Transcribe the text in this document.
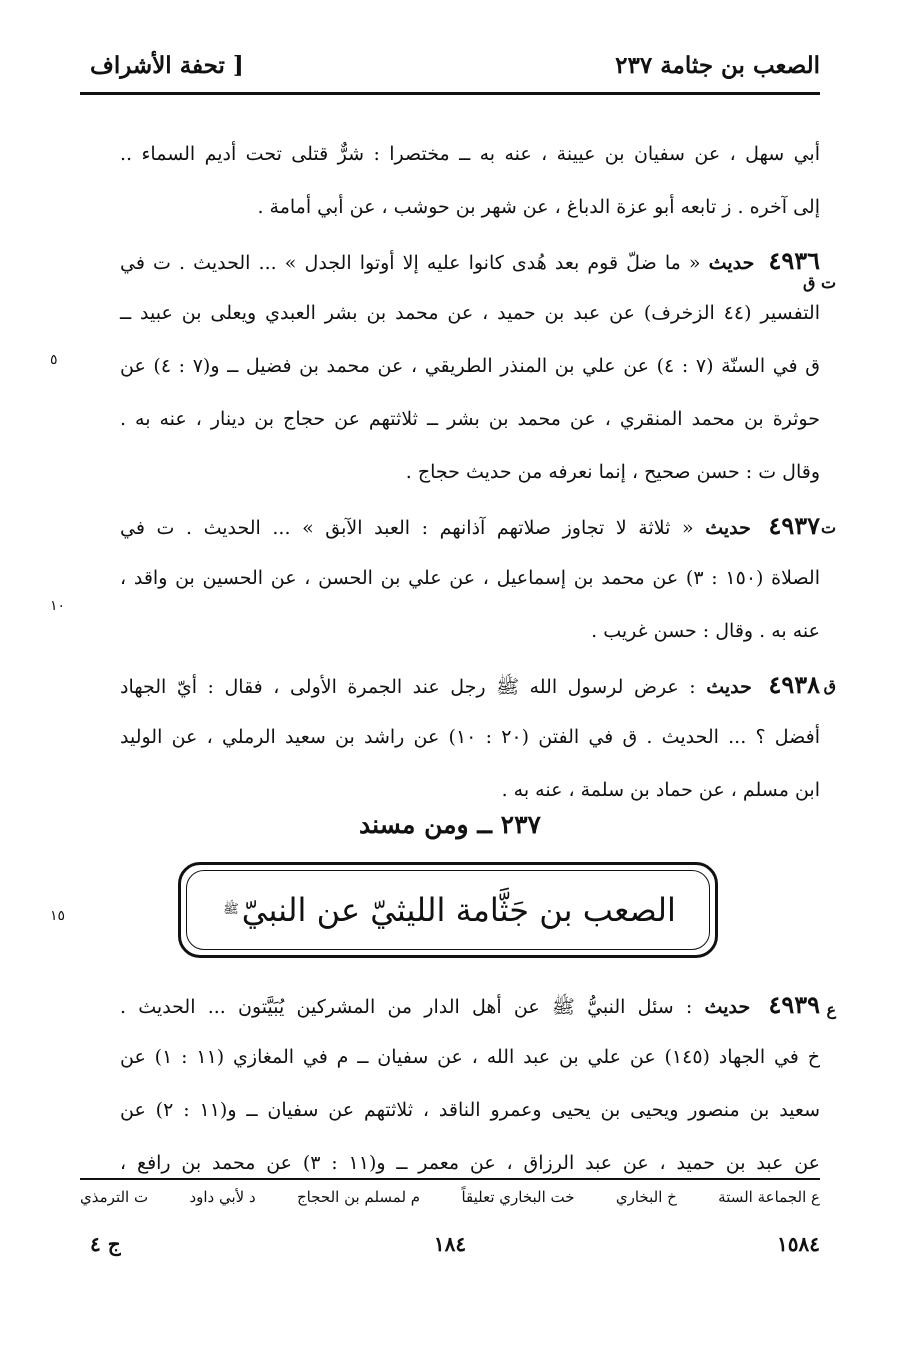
الصعب بن جثامة ٢٣٧
[ تحفة الأشراف
أبي سهل ، عن سفيان بن عيينة ، عنه به ــ مختصرا : شرٌّ قتلى تحت أديم السماء ..
إلى آخره . ز تابعه أبو عزة الدباغ ، عن شهر بن حوشب ، عن أبي أمامة .
٤٩٣٦ حديث « ما ضلّ قوم بعد هُدى كانوا عليه إلا أوتوا الجدل » ... الحديث . ت في
التفسير (٤٤ الزخرف) عن عبد بن حميد ، عن محمد بن بشر العبدي ويعلى بن عبيد ــ
ق في السنّة (٧ : ٤) عن علي بن المنذر الطريقي ، عن محمد بن فضيل ــ و(٧ : ٤) عن
حوثرة بن محمد المنقري ، عن محمد بن بشر ــ ثلاثتهم عن حجاج بن دينار ، عنه به .
وقال ت : حسن صحيح ، إنما نعرفه من حديث حجاج .
٤٩٣٧ حديث « ثلاثة لا تجاوز صلاتهم آذانهم : العبد الآبق » ... الحديث . ت في
الصلاة (١٥٠ : ٣) عن محمد بن إسماعيل ، عن علي بن الحسن ، عن الحسين بن واقد ،
عنه به . وقال : حسن غريب .
٤٩٣٨ حديث : عرض لرسول الله ﷺ رجل عند الجمرة الأولى ، فقال : أيّ الجهاد
أفضل ؟ ... الحديث . ق في الفتن (٢٠ : ١٠) عن راشد بن سعيد الرملي ، عن الوليد
ابن مسلم ، عن حماد بن سلمة ، عنه به .
ت ق
ت
ق
ع
٥
١٠
١٥
٢٣٧ ــ ومن مسند
الصعب بن جَثَّامة الليثيّ عن النبيّ
ﷺ
٤٩٣٩ حديث : سئل النبيُّ ﷺ عن أهل الدار من المشركين يُبَيَّتون ... الحديث .
خ في الجهاد (١٤٥) عن علي بن عبد الله ، عن سفيان ــ م في المغازي (١١ : ١) عن
سعيد بن منصور ويحيى بن يحيى وعمرو الناقد ، ثلاثتهم عن سفيان ــ و(١١ : ٢) عن
عن عبد بن حميد ، عن عبد الرزاق ، عن معمر ــ و(١١ : ٣) عن محمد بن رافع ،
ع الجماعة الستة
خ البخاري
خت البخاري تعليقاً
م لمسلم بن الحجاج
د لأبي داود
ت الترمذي
١٥٨٤
١٨٤
ج ٤
